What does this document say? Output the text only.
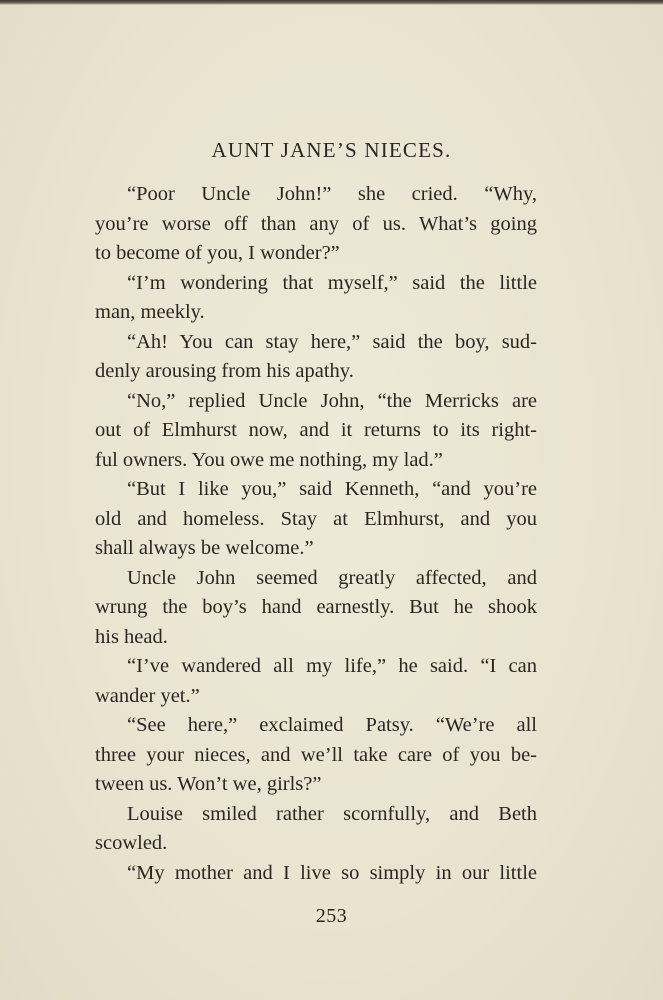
AUNT JANE’S NIECES.
“Poor Uncle John!” she cried. “Why,
you’re worse off than any of us. What’s going
to become of you, I wonder?”
“I’m wondering that myself,” said the little
man, meekly.
“Ah! You can stay here,” said the boy, sud-
denly arousing from his apathy.
“No,” replied Uncle John, “the Merricks are
out of Elmhurst now, and it returns to its right-
ful owners. You owe me nothing, my lad.”
“But I like you,” said Kenneth, “and you’re
old and homeless. Stay at Elmhurst, and you
shall always be welcome.”
Uncle John seemed greatly affected, and
wrung the boy’s hand earnestly. But he shook
his head.
“I’ve wandered all my life,” he said. “I can
wander yet.”
“See here,” exclaimed Patsy. “We’re all
three your nieces, and we’ll take care of you be-
tween us. Won’t we, girls?”
Louise smiled rather scornfully, and Beth
scowled.
“My mother and I live so simply in our little
253
